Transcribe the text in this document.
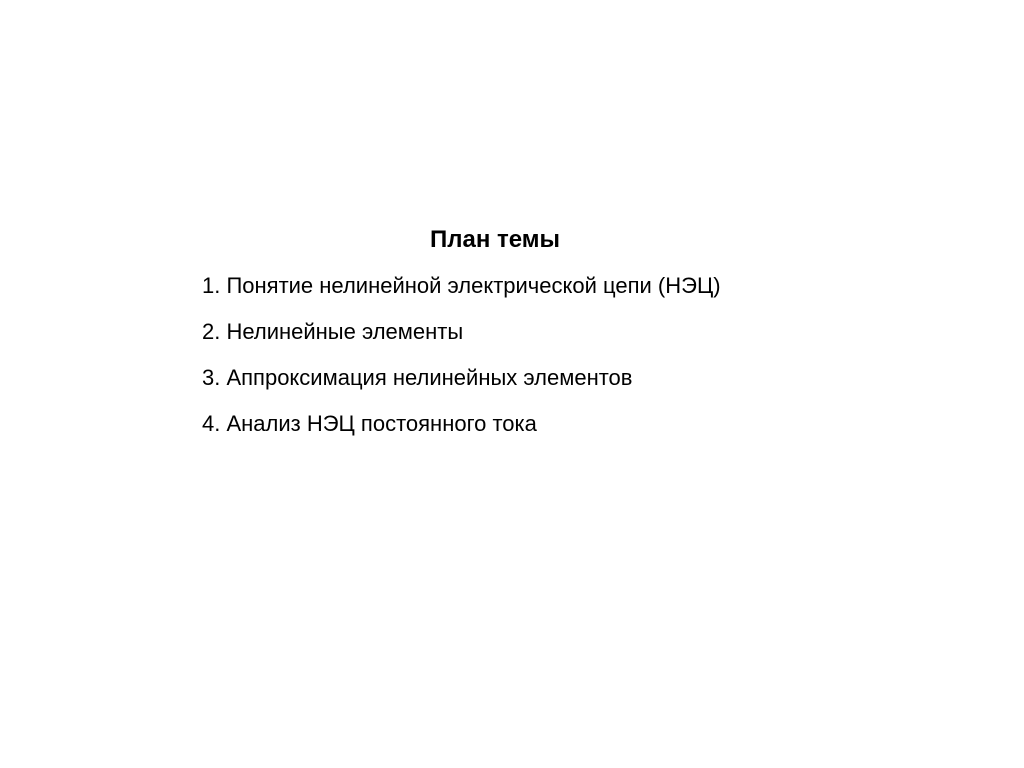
План темы
1. Понятие нелинейной электрической цепи (НЭЦ)
2. Нелинейные элементы
3. Аппроксимация нелинейных элементов
4. Анализ НЭЦ постоянного тока
